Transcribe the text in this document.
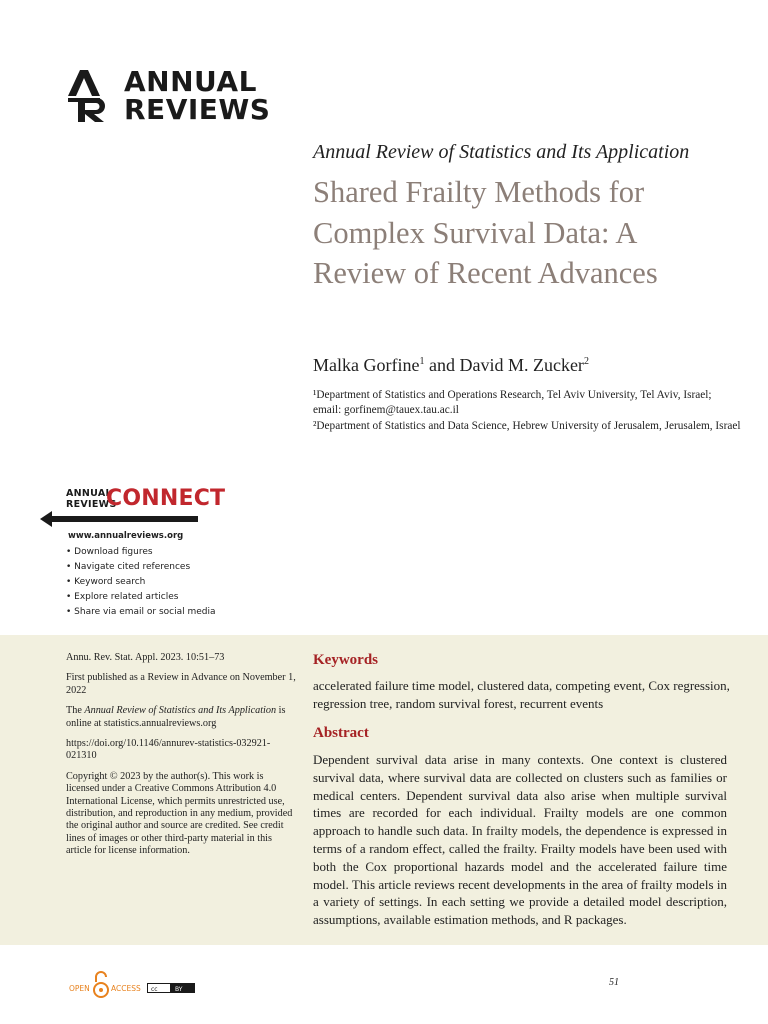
ANNUAL
REVIEWS
Annual Review of Statistics and Its Application
Shared Frailty Methods for Complex Survival Data: A Review of Recent Advances
Malka Gorfine$^1$ and David M. Zucker$^2$
¹Department of Statistics and Operations Research, Tel Aviv University, Tel Aviv, Israel; email: gorfinem@tauex.tau.ac.il
²Department of Statistics and Data Science, Hebrew University of Jerusalem, Jerusalem, Israel
ANNUAL
REVIEWS
CONNECT
www.annualreviews.org
• Download figures
• Navigate cited references
• Keyword search
• Explore related articles
• Share via email or social media

Annu. Rev. Stat. Appl. 2023. 10:51–73

First published as a Review in Advance on November 1, 2022

The Annual Review of Statistics and Its Application is online at statistics.annualreviews.org

https://doi.org/10.1146/annurev-statistics-032921-021310

Copyright © 2023 by the author(s). This work is licensed under a Creative Commons Attribution 4.0 International License, which permits unrestricted use, distribution, and reproduction in any medium, provided the original author and source are credited. See credit lines of images or other third-party material in this article for license information.

Keywords
accelerated failure time model, clustered data, competing event, Cox regression, regression tree, random survival forest, recurrent events
Abstract
Dependent survival data arise in many contexts. One context is clustered survival data, where survival data are collected on clusters such as families or medical centers. Dependent survival data also arise when multiple survival times are recorded for each individual. Frailty models are one common approach to handle such data. In frailty models, the dependence is expressed in terms of a random effect, called the frailty. Frailty models have been used with both the Cox proportional hazards model and the accelerated failure time model. This article reviews recent developments in the area of frailty models in a variety of settings. In each setting we provide a detailed model description, assumptions, available estimation methods, and R packages.
OPEN	ACCESS cc	BY
51
